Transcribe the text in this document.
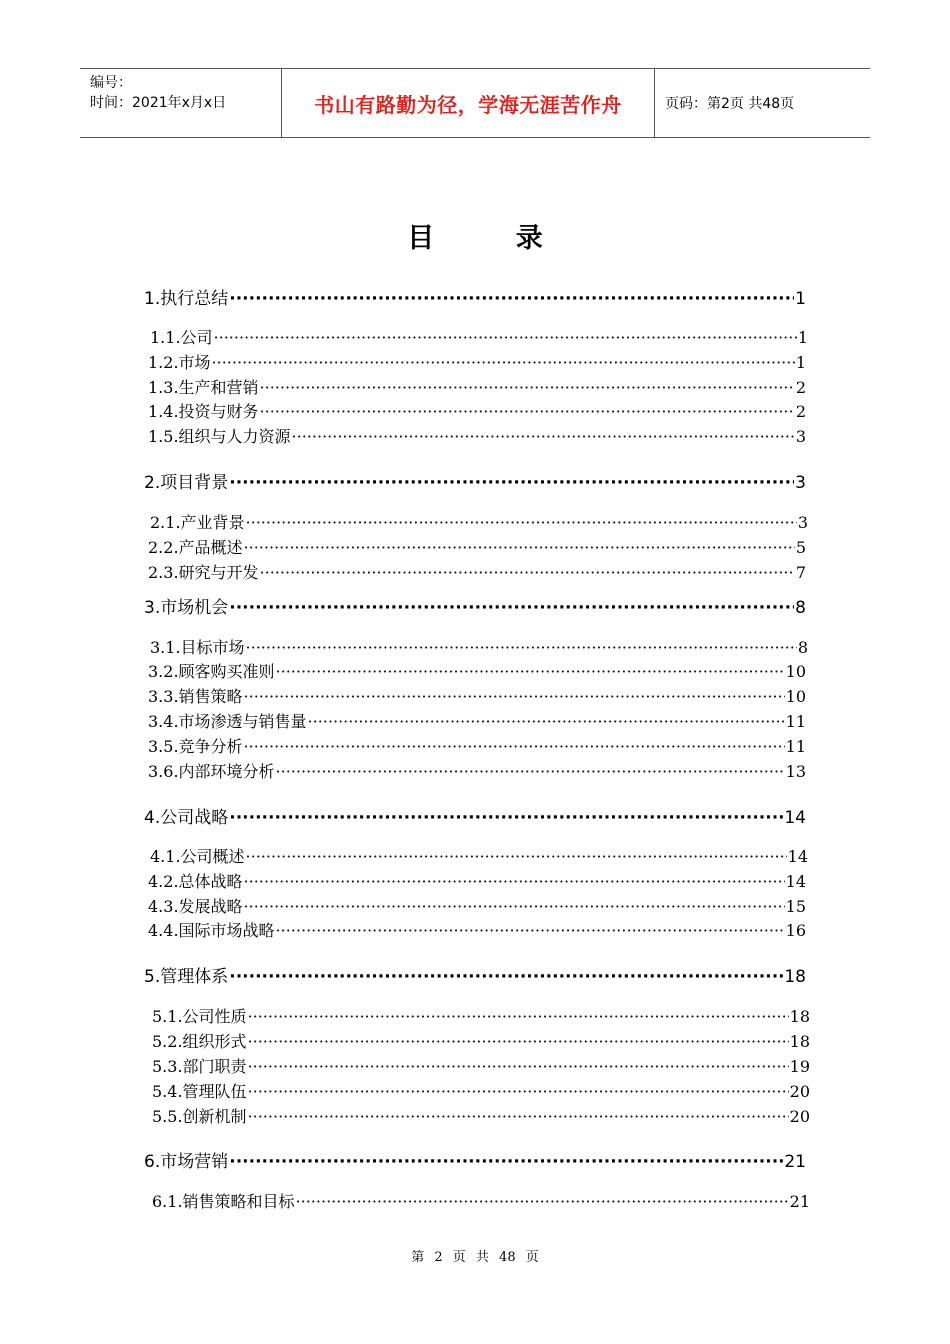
编号：
时间：2021年x月x日	书山有路勤为径，学海无涯苦作舟	页码：第2页 共48页
目 录
1.执行总结 ·····	1
1.1.公司 ·····	1
1.2.市场 ·····	1
1.3.生产和营销 ·····	2
1.4.投资与财务 ·····	2
1.5.组织与人力资源 ·····	3
2.项目背景 ·····	3
2.1.产业背景 ·····	3
2.2.产品概述 ·····	5
2.3.研究与开发 ·····	7
3.市场机会 ·····	8
3.1.目标市场 ·····	8
3.2.顾客购买准则 ·····	10
3.3.销售策略 ·····	10
3.4.市场渗透与销售量 ·····	11
3.5.竞争分析 ·····	11
3.6.内部环境分析 ·····	13
4.公司战略 ·····	14
4.1.公司概述 ·····	14
4.2.总体战略 ·····	14
4.3.发展战略 ·····	15
4.4.国际市场战略 ·····	16
5.管理体系 ·····	18
5.1.公司性质 ·····	18
5.2.组织形式 ·····	18
5.3.部门职责 ·····	19
5.4.管理队伍 ·····	20
5.5.创新机制 ·····	20
6.市场营销 ·····	21
6.1.销售策略和目标 ·····	21
第 2 页 共 48 页
